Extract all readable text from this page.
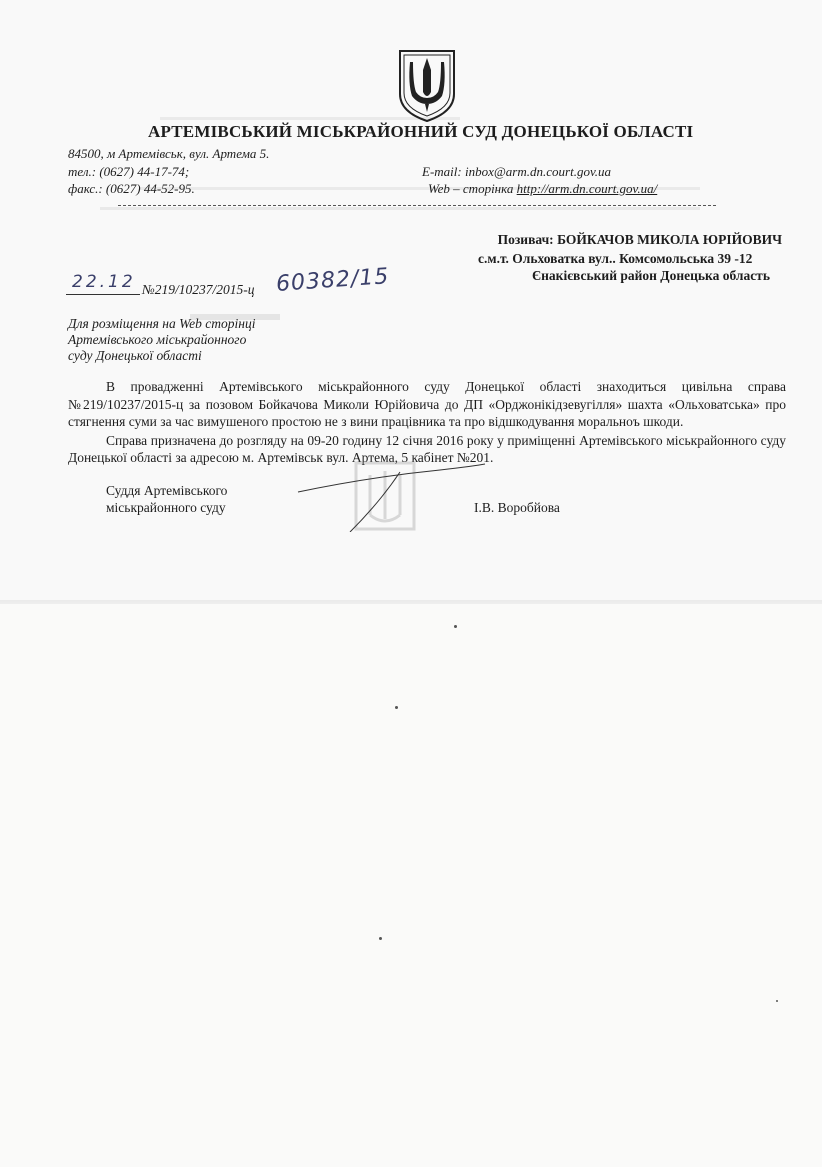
АРТЕМІВСЬКИЙ МІСЬКРАЙОННИЙ СУД ДОНЕЦЬКОЇ ОБЛАСТІ
84500, м Артемівськ, вул. Артема 5.
тел.: (0627) 44-17-74;
факс.: (0627) 44-52-95.
E-mail: inbox@arm.dn.court.gov.ua
Web – сторінка http://arm.dn.court.gov.ua/
Позивач: БОЙКАЧОВ МИКОЛА ЮРІЙОВИЧ
с.м.т. Ольховатка вул.. Комсомольська 39 -12
Єнакієвський район Донецька область
22.12 №219/10237/2015-ц 60382/15
Для розміщення на Web сторінці
Артемівського міськрайонного
суду Донецької області

В провадженні Артемівського міськрайонного суду Донецької області знаходиться цивільна справа №219/10237/2015-ц за позовом Бойкачова Миколи Юрійовича до ДП «Орджонікідзевугілля» шахта «Ольховатська» про стягнення суми за час вимушеного простою не з вини працівника та про відшкодування моральноъ шкоди.

Справа призначена до розгляду на 09-20 годину 12 січня 2016 року у приміщенні Артемівського міськрайонного суду Донецької області за адресою м. Артемівськ вул. Артема, 5 кабінет №201.

Суддя Артемівського
міськрайонного суду	І.В. Воробйова
